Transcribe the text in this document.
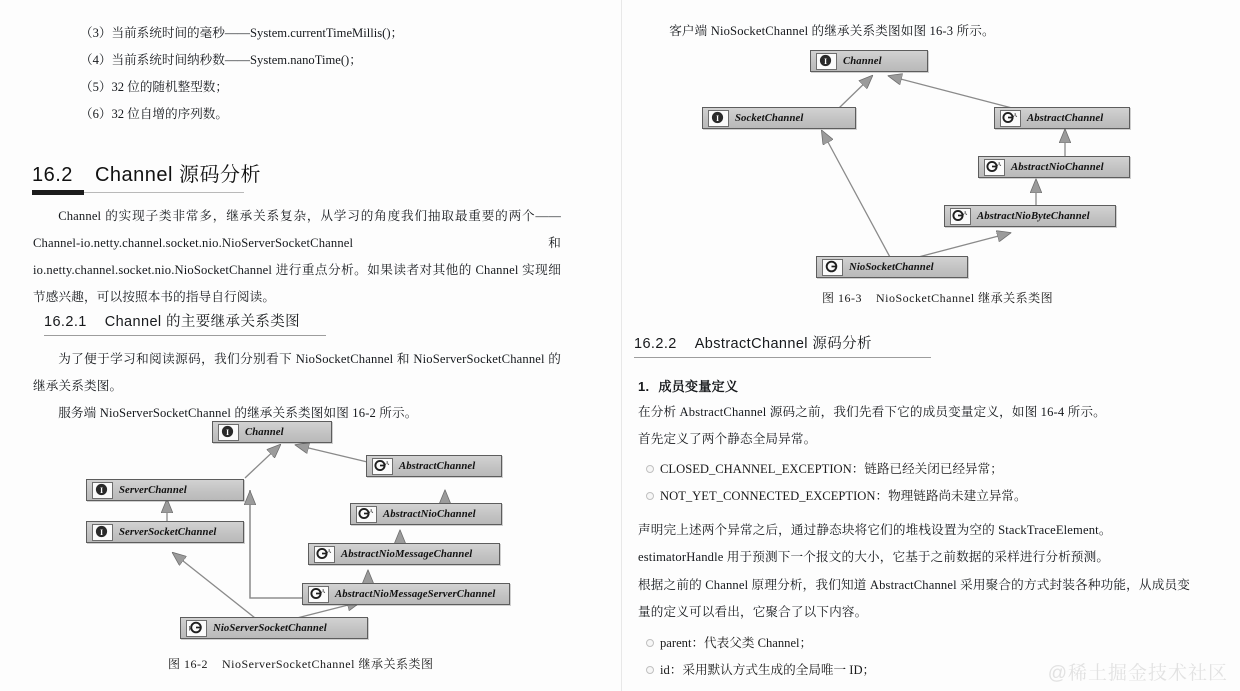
（3）当前系统时间的毫秒——System.currentTimeMillis()；
（4）当前系统时间纳秒数——System.nanoTime()；
（5）32 位的随机整型数；
（6）32 位自增的序列数。
16.2 Channel 源码分析
Channel 的实现子类非常多，继承关系复杂，从学习的角度我们抽取最重要的两个——Channel-io.netty.channel.socket.nio.NioServerSocketChannel 和 io.netty.channel.socket.nio.NioSocketChannel 进行重点分析。如果读者对其他的 Channel 实现细节感兴趣，可以按照本书的指导自行阅读。
16.2.1 Channel 的主要继承关系类图
为了便于学习和阅读源码，我们分别看下 NioSocketChannel 和 NioServerSocketChannel 的继承关系类图。
服务端 NioServerSocketChannel 的继承关系类图如图 16-2 所示。
I Channel
I ServerChannel
I ServerSocketChannel
A AbstractChannel
A AbstractNioChannel
A AbstractNioMessageChannel
A AbstractNioMessageServerChannel
k NioServerSocketChannel
图 16-2 NioServerSocketChannel 继承关系类图
客户端 NioSocketChannel 的继承关系类图如图 16-3 所示。
I Channel
I SocketChannel	A AbstractChannel
A AbstractNioChannel
A AbstractNioByteChannel
NioSocketChannel
图 16-3 NioSocketChannel 继承关系类图
16.2.2 AbstractChannel 源码分析
1. 成员变量定义
在分析 AbstractChannel 源码之前，我们先看下它的成员变量定义，如图 16-4 所示。
首先定义了两个静态全局异常。
CLOSED_CHANNEL_EXCEPTION：链路已经关闭已经异常；
NOT_YET_CONNECTED_EXCEPTION：物理链路尚未建立异常。
声明完上述两个异常之后，通过静态块将它们的堆栈设置为空的 StackTraceElement。
estimatorHandle 用于预测下一个报文的大小，它基于之前数据的采样进行分析预测。
根据之前的 Channel 原理分析，我们知道 AbstractChannel 采用聚合的方式封装各种功能，从成员变量的定义可以看出，它聚合了以下内容。
parent：代表父类 Channel；
id：采用默认方式生成的全局唯一 ID；	@稀土掘金技术社区
